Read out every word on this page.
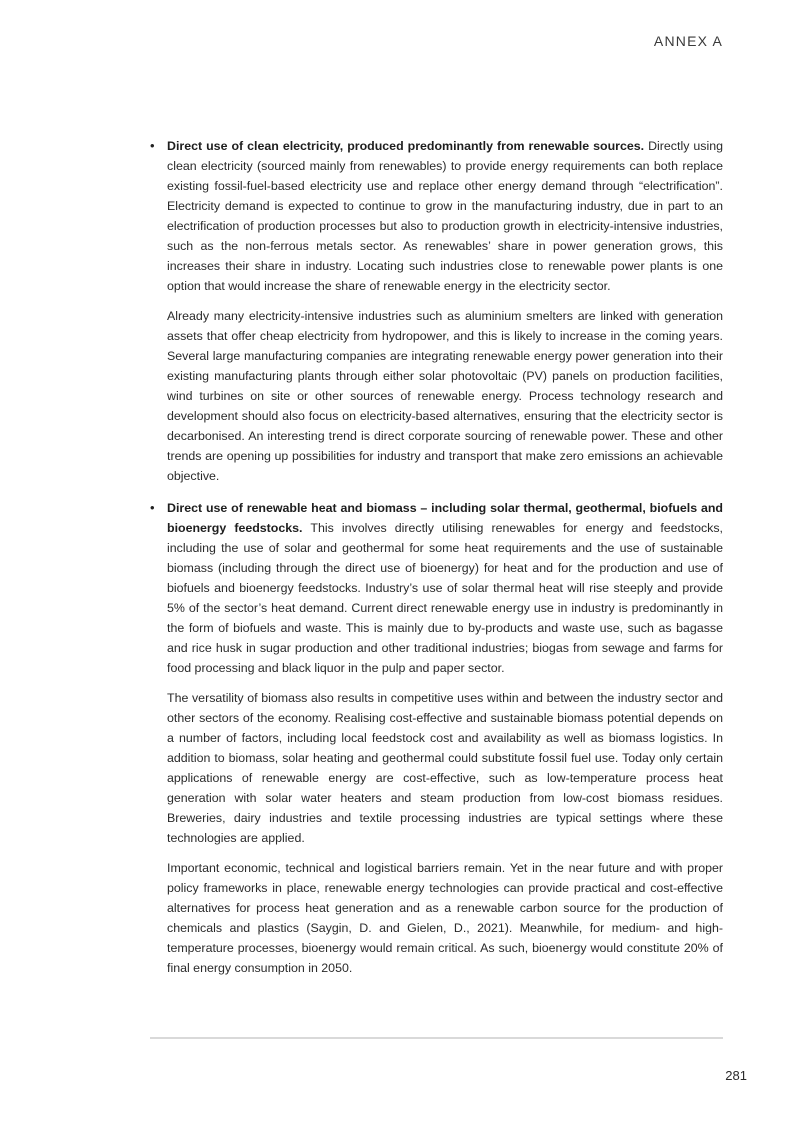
ANNEX A
• Direct use of clean electricity, produced predominantly from renewable sources. Directly using clean electricity (sourced mainly from renewables) to provide energy requirements can both replace existing fossil-fuel-based electricity use and replace other energy demand through “electrification”. Electricity demand is expected to continue to grow in the manufacturing industry, due in part to an electrification of production processes but also to production growth in electricity-intensive industries, such as the non-ferrous metals sector. As renewables’ share in power generation grows, this increases their share in industry. Locating such industries close to renewable power plants is one option that would increase the share of renewable energy in the electricity sector.

Already many electricity-intensive industries such as aluminium smelters are linked with generation assets that offer cheap electricity from hydropower, and this is likely to increase in the coming years. Several large manufacturing companies are integrating renewable energy power generation into their existing manufacturing plants through either solar photovoltaic (PV) panels on production facilities, wind turbines on site or other sources of renewable energy. Process technology research and development should also focus on electricity-based alternatives, ensuring that the electricity sector is decarbonised. An interesting trend is direct corporate sourcing of renewable power. These and other trends are opening up possibilities for industry and transport that make zero emissions an achievable objective.

• Direct use of renewable heat and biomass – including solar thermal, geothermal, biofuels and bioenergy feedstocks. This involves directly utilising renewables for energy and feedstocks, including the use of solar and geothermal for some heat requirements and the use of sustainable biomass (including through the direct use of bioenergy) for heat and for the production and use of biofuels and bioenergy feedstocks. Industry’s use of solar thermal heat will rise steeply and provide 5% of the sector’s heat demand. Current direct renewable energy use in industry is predominantly in the form of biofuels and waste. This is mainly due to by-products and waste use, such as bagasse and rice husk in sugar production and other traditional industries; biogas from sewage and farms for food processing and black liquor in the pulp and paper sector.

The versatility of biomass also results in competitive uses within and between the industry sector and other sectors of the economy. Realising cost-effective and sustainable biomass potential depends on a number of factors, including local feedstock cost and availability as well as biomass logistics. In addition to biomass, solar heating and geothermal could substitute fossil fuel use. Today only certain applications of renewable energy are cost-effective, such as low-temperature process heat generation with solar water heaters and steam production from low-cost biomass residues. Breweries, dairy industries and textile processing industries are typical settings where these technologies are applied.

Important economic, technical and logistical barriers remain. Yet in the near future and with proper policy frameworks in place, renewable energy technologies can provide practical and cost-effective alternatives for process heat generation and as a renewable carbon source for the production of chemicals and plastics (Saygin, D. and Gielen, D., 2021). Meanwhile, for medium- and high-temperature processes, bioenergy would remain critical. As such, bioenergy would constitute 20% of final energy consumption in 2050.

281
